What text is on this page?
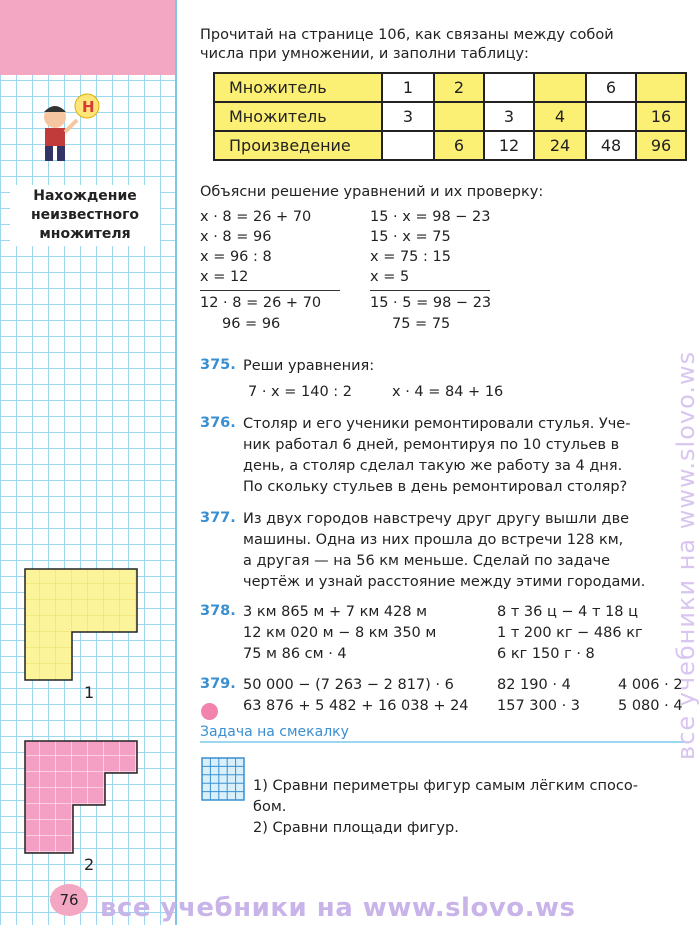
Н
Нахождение
неизвестного
множителя
1
2
76
Прочитай на странице 106, как связаны между собой
числа при умножении, и заполни таблицу:
Множитель	1	2			6	
Множитель	3		3	4		16
Произведение		6	12	24	48	96
Объясни решение уравнений и их проверку:
x · 8 = 26 + 70
x · 8 = 96
x = 96 : 8
x = 12
12 · 8 = 26 + 70
96 = 96
15 · x = 98 − 23
15 · x = 75
x = 75 : 15
x = 5
15 · 5 = 98 − 23
75 = 75
375. Реши уравнения:
7 · x = 140 : 2	x · 4 = 84 + 16
376. Столяр и его ученики ремонтировали стулья. Уче-
ник работал 6 дней, ремонтируя по 10 стульев в
день, а столяр сделал такую же работу за 4 дня.
По скольку стульев в день ремонтировал столяр?
377. Из двух городов навстречу друг другу вышли две
машины. Одна из них прошла до встречи 128 км,
а другая — на 56 км меньше. Сделай по задаче
чертёж и узнай расстояние между этими городами.
378. 3 км 865 м + 7 км 428 м
12 км 020 м − 8 км 350 м
75 м 86 см · 4
8 т 36 ц − 4 т 18 ц
1 т 200 кг − 486 кг
6 кг 150 г · 8
379. 50 000 − (7 263 − 2 817) · 6
63 876 + 5 482 + 16 038 + 24
82 190 · 4
157 300 · 3
4 006 · 2
5 080 · 4
Задача на смекалку
1) Сравни периметры фигур самым лёгким спосо-
бом.
2) Сравни площади фигур.
все учебники на www.slovo.ws
все учебники на www.slovo.ws
